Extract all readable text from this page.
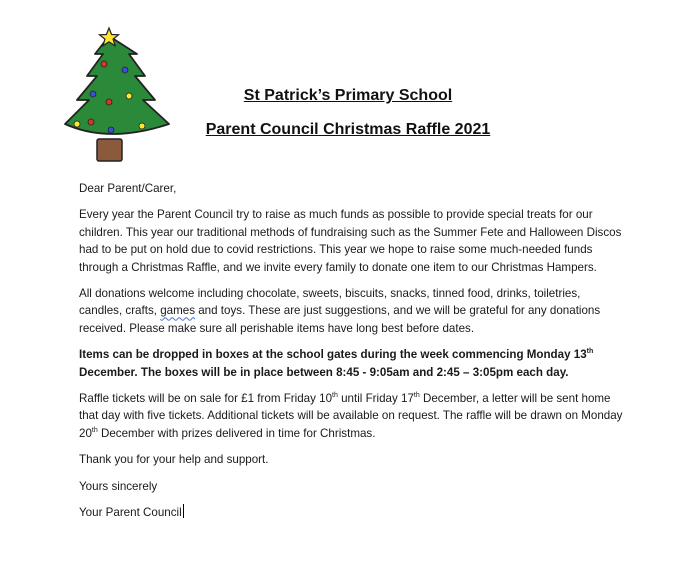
St Patrick’s Primary School
Parent Council Christmas Raffle 2021

Dear Parent/Carer,

Every year the Parent Council try to raise as much funds as possible to provide special treats for our children. This year our traditional methods of fundraising such as the Summer Fete and Halloween Discos had to be put on hold due to covid restrictions. This year we hope to raise some much-needed funds through a Christmas Raffle, and we invite every family to donate one item to our Christmas Hampers.

All donations welcome including chocolate, sweets, biscuits, snacks, tinned food, drinks, toiletries, candles, crafts, games and toys. These are just suggestions, and we will be grateful for any donations received. Please make sure all perishable items have long best before dates.

Items can be dropped in boxes at the school gates during the week commencing Monday 13th December. The boxes will be in place between 8:45 - 9:05am and 2:45 – 3:05pm each day.

Raffle tickets will be on sale for £1 from Friday 10th until Friday 17th December, a letter will be sent home that day with five tickets. Additional tickets will be available on request. The raffle will be drawn on Monday 20th December with prizes delivered in time for Christmas.

Thank you for your help and support.

Yours sincerely

Your Parent Council
